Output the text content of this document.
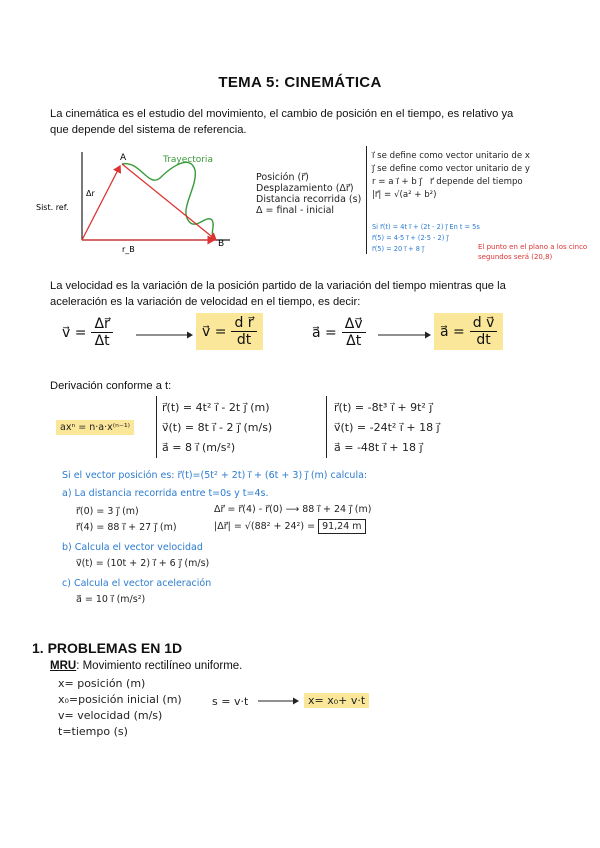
TEMA 5: CINEMÁTICA
La cinemática es el estudio del movimiento, el cambio de posición en el tiempo, es relativo ya que depende del sistema de referencia.
A
B
Trayectoria
Sist. ref.
Δr
r_B
Posición (r⃗)
Desplazamiento (Δr⃗)
Distancia recorrida (s)
Δ = final - inicial
i⃗ se define como vector unitario de x
j⃗ se define como vector unitario de y
r = a i⃗ + b j⃗ r⃗ depende del tiempo
|r⃗| = √(a² + b²)
Si r⃗(t) = 4t i⃗ + (2t - 2) j⃗ En t = 5s
r⃗(5) = 4·5 i⃗ + (2·5 - 2) j⃗
r⃗(5) = 20 i⃗ + 8 j⃗	El punto en el plano a los cinco segundos será (20,8)
La velocidad es la variación de la posición partido de la variación del tiempo mientras que la aceleración es la variación de velocidad en el tiempo, es decir:
v⃗ = $\frac{\Delta r⃗}{\Delta t}$	v⃗ = $\frac{\text{d r⃗}}{dt}$	a⃗ = $\frac{\Delta v⃗}{\Delta t}$	a⃗ = $\frac{\text{d v⃗}}{dt}$
Derivación conforme a t:
axⁿ = n·a·x⁽ⁿ⁻¹⁾
r⃗(t) = 4t² i⃗ - 2t j⃗ (m)
v⃗(t) = 8t i⃗ - 2 j⃗ (m/s)
a⃗ = 8 i⃗ (m/s²)
r⃗(t) = -8t³ i⃗ + 9t² j⃗
v⃗(t) = -24t² i⃗ + 18 j⃗
a⃗ = -48t i⃗ + 18 j⃗
Si el vector posición es: r⃗(t)=(5t² + 2t) i⃗ + (6t + 3) j⃗ (m) calcula:
a) La distancia recorrida entre t=0s y t=4s.
r⃗(0) = 3 j⃗ (m)
r⃗(4) = 88 i⃗ + 27 j⃗ (m)
Δr⃗ = r⃗(4) - r⃗(0) ⟶ 88 i⃗ + 24 j⃗ (m)
|Δr⃗| = √(88² + 24²) = 91,24 m
b) Calcula el vector velocidad
v⃗(t) = (10t + 2) i⃗ + 6 j⃗ (m/s)
c) Calcula el vector aceleración
a⃗ = 10 i⃗ (m/s²)
1. PROBLEMAS EN 1D
MRU: Movimiento rectilíneo uniforme.
x= posición (m)
x₀=posición inicial (m)
v= velocidad (m/s)
t=tiempo (s)
s = v·t	x= x₀+ v·t
